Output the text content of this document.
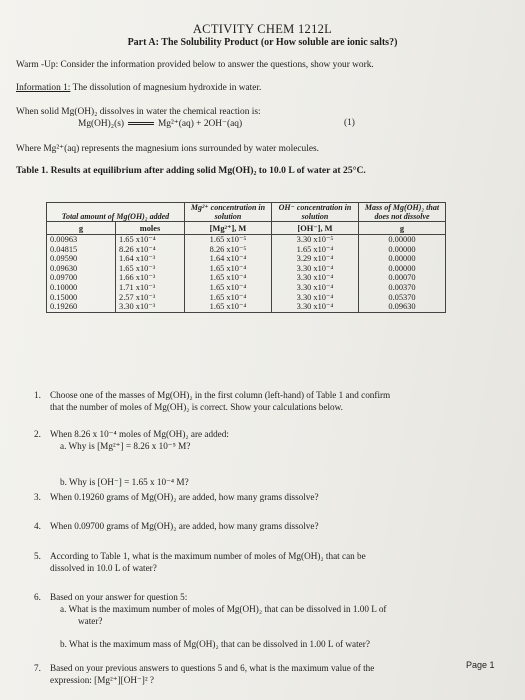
ACTIVITY CHEM 1212L
Part A: The Solubility Product (or How soluble are ionic salts?)
Warm -Up: Consider the information provided below to answer the questions, show your work.
Information 1: The dissolution of magnesium hydroxide in water.
When solid Mg(OH)₂ dissolves in water the chemical reaction is:
Mg(OH)₂(s)	Mg²⁺(aq) + 2OH⁻(aq)	(1)
Where Mg²⁺(aq) represents the magnesium ions surrounded by water molecules.
Table 1. Results at equilibrium after adding solid Mg(OH)₂ to 10.0 L of water at 25°C.
Total amount of Mg(OH)₂ added		Mg²⁺ concentration in solution	OH⁻ concentration in solution	Mass of Mg(OH)₂ that does not dissolve
g	moles	[Mg²⁺], M	[OH⁻], M	g
0.00963	1.65 x10⁻⁴	1.65 x10⁻⁵	3.30 x10⁻⁵	0.00000
0.04815	8.26 x10⁻⁴	8.26 x10⁻⁵	1.65 x10⁻⁴	0.00000
0.09590	1.64 x10⁻³	1.64 x10⁻⁴	3.29 x10⁻⁴	0.00000
0.09630	1.65 x10⁻³	1.65 x10⁻⁴	3.30 x10⁻⁴	0.00000
0.09700	1.66 x10⁻³	1.65 x10⁻⁴	3.30 x10⁻⁴	0.00070
0.10000	1.71 x10⁻³	1.65 x10⁻⁴	3.30 x10⁻⁴	0.00370
0.15000	2.57 x10⁻³	1.65 x10⁻⁴	3.30 x10⁻⁴	0.05370
0.19260	3.30 x10⁻³	1.65 x10⁻⁴	3.30 x10⁻⁴	0.09630
1. Choose one of the masses of Mg(OH)₂ in the first column (left-hand) of Table 1 and confirm
that the number of moles of Mg(OH)₂ is correct. Show your calculations below.
2. When 8.26 x 10⁻⁴ moles of Mg(OH)₂ are added:
a. Why is [Mg²⁺] = 8.26 x 10⁻⁵ M?
b. Why is [OH⁻] = 1.65 x 10⁻⁴ M?
3. When 0.19260 grams of Mg(OH)₂ are added, how many grams dissolve?
4. When 0.09700 grams of Mg(OH)₂ are added, how many grams dissolve?
5. According to Table 1, what is the maximum number of moles of Mg(OH)₂ that can be
dissolved in 10.0 L of water?
6. Based on your answer for question 5:
a. What is the maximum number of moles of Mg(OH)₂ that can be dissolved in 1.00 L of
water?
b. What is the maximum mass of Mg(OH)₂ that can be dissolved in 1.00 L of water?
7. Based on your previous answers to questions 5 and 6, what is the maximum value of the
expression: [Mg²⁺][OH⁻]² ?
Page 1
